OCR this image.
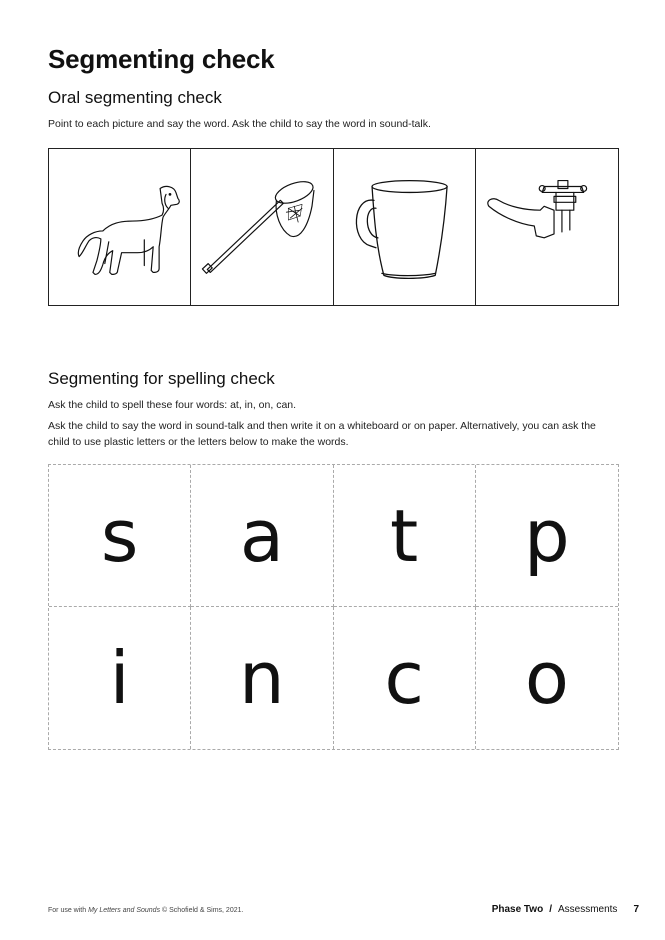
Segmenting check
Oral segmenting check
Point to each picture and say the word. Ask the child to say the word in sound-talk.
Segmenting for spelling check
Ask the child to spell these four words: at, in, on, can.
Ask the child to say the word in sound-talk and then write it on a whiteboard or on paper. Alternatively, you can ask the child to use plastic letters or the letters below to make the words.
s	a	t	p
i	n	c	o
For use with My Letters and Sounds © Schofield & Sims, 2021.	Phase Two / Assessments 7
